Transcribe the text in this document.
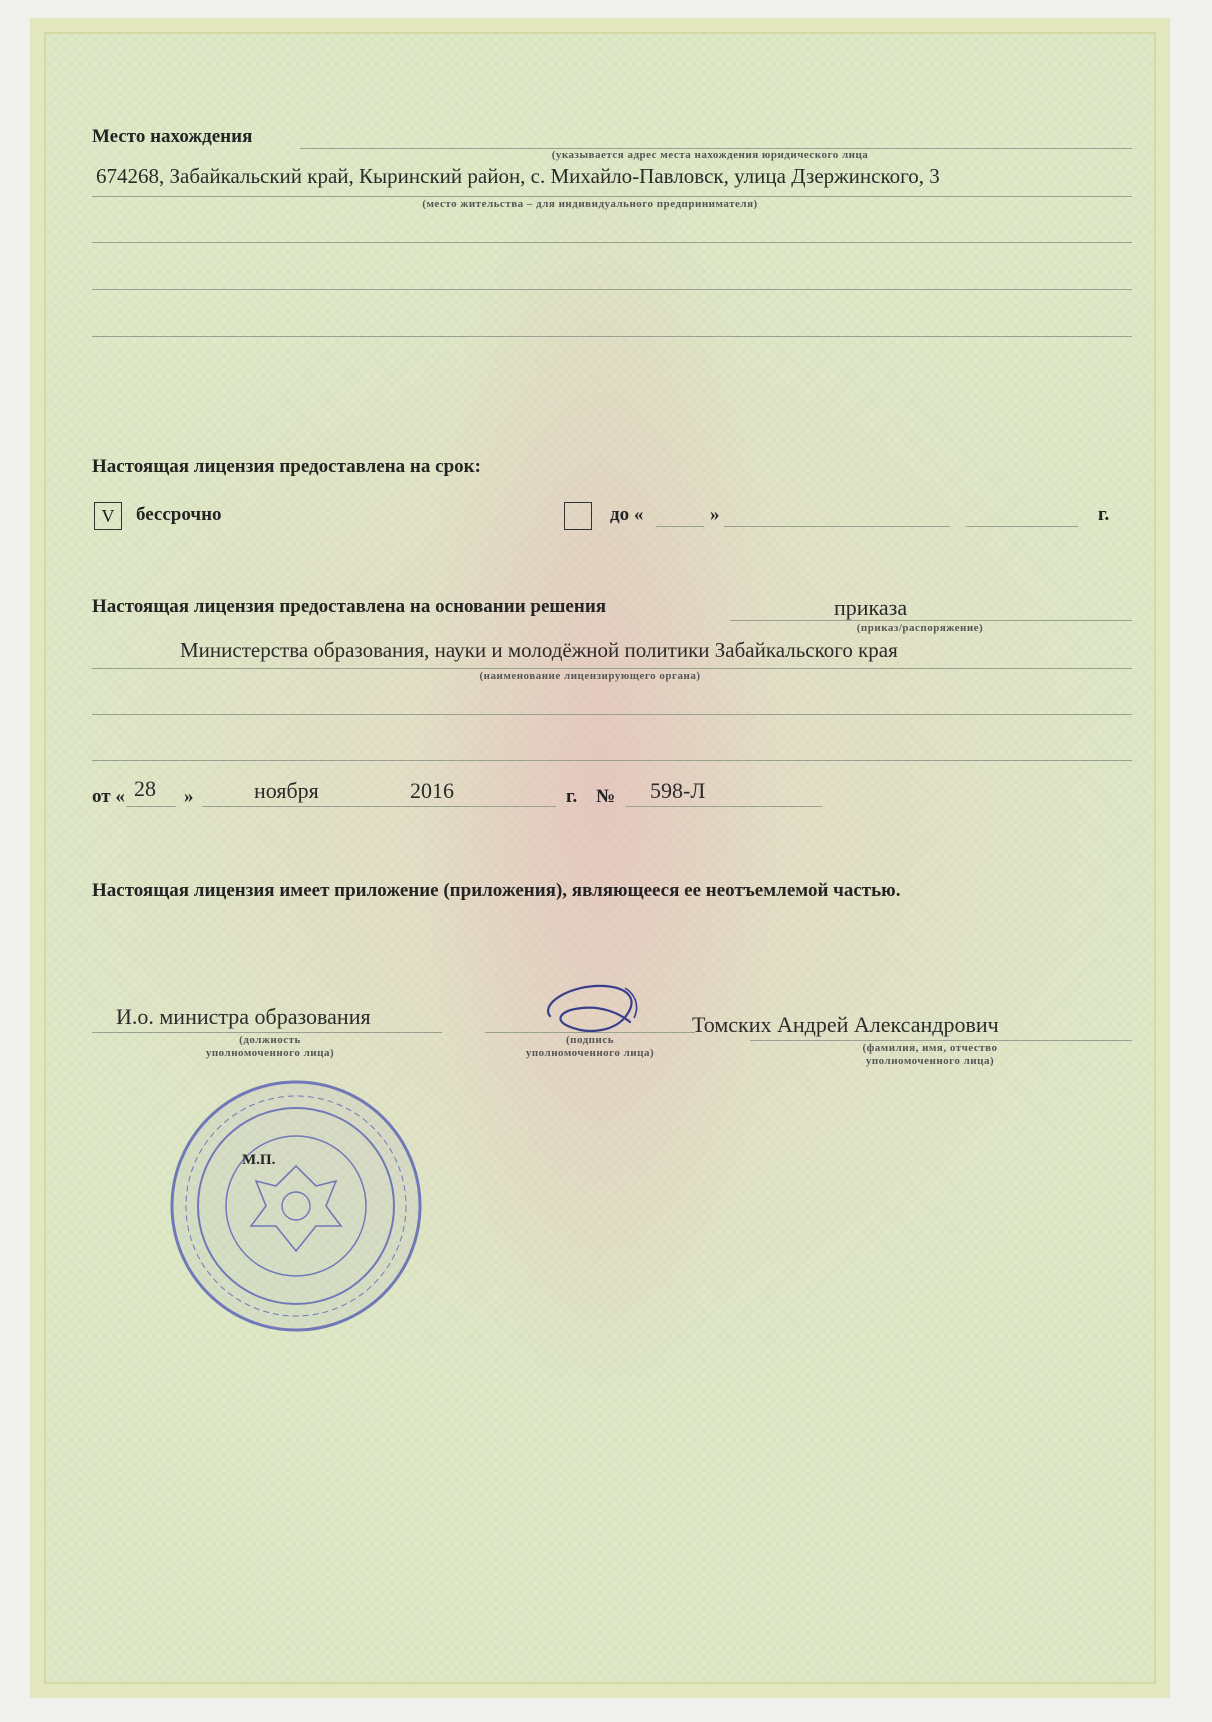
Место нахождения
(указывается адрес места нахождения юридического лица
674268, Забайкальский край, Кыринский район, с. Михайло-Павловск, улица Дзержинского, 3
(место жительства – для индивидуального предпринимателя)
Настоящая лицензия предоставлена на срок:
V	бессрочно	до «	»	г.
Настоящая лицензия предоставлена на основании решения	приказа
(приказ/распоряжение)
Министерства образования, науки и молодёжной политики Забайкальского края
(наименование лицензирующего органа)
от « 28 »	ноября	2016	г. № 598-Л
Настоящая лицензия имеет приложение (приложения), являющееся ее неотъемлемой частью.
И.о. министра образования
(должность
уполномоченного лица)
(подпись
уполномоченного лица)
Томских Андрей Александрович
(фамилия, имя, отчество
уполномоченного лица)
М.П.
